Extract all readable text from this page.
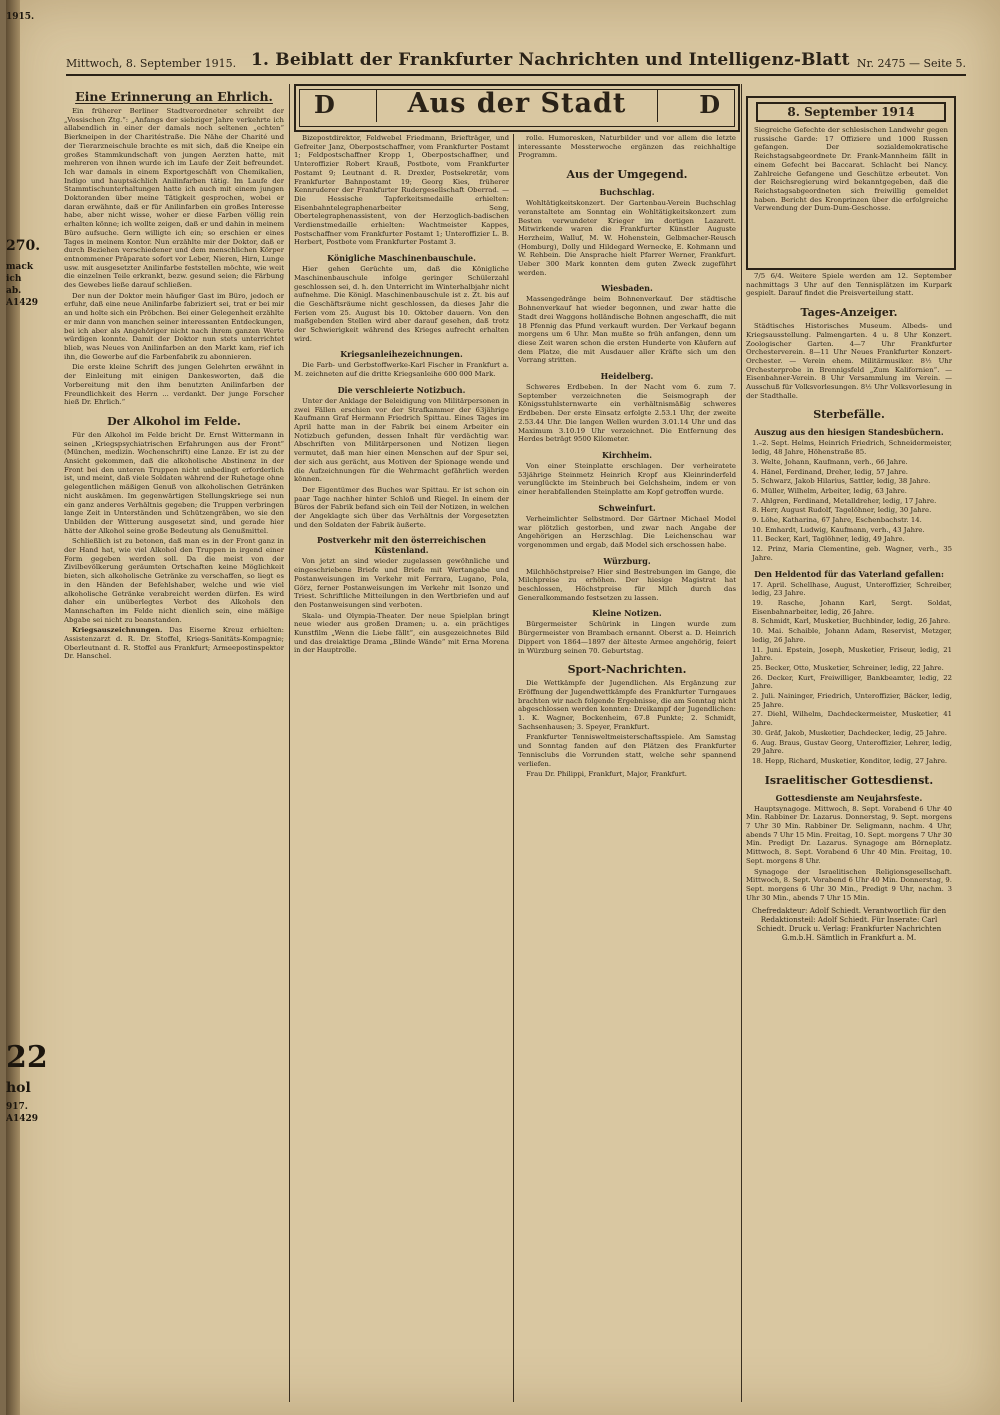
1915.
270.
mack
ich
ab.
A1429
22
hol
917.
A1429
Mittwoch, 8. September 1915. 1. Beiblatt der Frankfurter Nachrichten und Intelligenz-Blatt Nr. 2475 — Seite 5.
D	Aus der Stadt	D
Eine Erinnerung an Ehrlich.

Ein früherer Berliner Stadtverordneter schreibt der „Vossischen Ztg.“: „Anfangs der siebziger Jahre verkehrte ich allabendlich in einer der damals noch seltenen „echten“ Bierkneipen in der Charitéstraße. Die Nähe der Charité und der Tierarzneischule brachte es mit sich, daß die Kneipe ein großes Stammkundschaft von jungen Aerzten hatte, mit mehreren von ihnen wurde ich im Laufe der Zeit befreundet. Ich war damals in einem Exportgeschäft von Chemikalien, Indigo und hauptsächlich Anilinfarben tätig. Im Laufe der Stammtischunterhaltungen hatte ich auch mit einem jungen Doktoranden über meine Tätigkeit gesprochen, wobei er daran erwähnte, daß er für Anilinfarben ein großes Interesse habe, aber nicht wisse, woher er diese Farben völlig rein erhalten könne; ich wollte zeigen, daß er und dahin in meinem Büro aufsuche. Gern willigte ich ein; so erschien er eines Tages in meinem Kontor. Nun erzählte mir der Doktor, daß er durch Beziehen verschiedener und dem menschlichen Körper entnommener Präparate sofort vor Leber, Nieren, Hirn, Lunge usw. mit ausgesetzter Anilinfarbe feststellen möchte, wie weit die einzelnen Teile erkrankt, bezw. gesund seien; die Färbung des Gewebes ließe darauf schließen.

Der nun der Doktor mein häufiger Gast im Büro, jedoch er erfuhr, daß eine neue Anilinfarbe fabriziert sei, trat er bei mir an und holte sich ein Pröbchen. Bei einer Gelegenheit erzählte er mir dann von manchen seiner interessanten Entdeckungen, bei ich aber als Angehöriger nicht nach ihrem ganzen Werte würdigen konnte. Damit der Doktor nun stets unterrichtet blieb, was Neues von Anilinfarben an den Markt kam, rief ich ihn, die Gewerbe auf die Farbenfabrik zu abonnieren.

Die erste kleine Schrift des jungen Gelehrten erwähnt in der Einleitung mit einigen Dankesworten, daß die Vorbereitung mit den ihm benutzten Anilinfarben der Freundlichkeit des Herrn ... verdankt. Der junge Forscher hieß Dr. Ehrlich.“

Der Alkohol im Felde.

Für den Alkohol im Felde bricht Dr. Ernst Wittermann in seinen „Kriegspsychiatrischen Erfahrungen aus der Front“ (München, medizin. Wochenschrift) eine Lanze. Er ist zu der Ansicht gekommen, daß die alkoholische Abstinenz in der Front bei den unteren Truppen nicht unbedingt erforderlich ist, und meint, daß viele Soldaten während der Ruhetage ohne gelegentlichen mäßigen Genuß von alkoholischen Getränken nicht auskämen. Im gegenwärtigen Stellungskriege sei nun ein ganz anderes Verhältnis gegeben; die Truppen verbringen lange Zeit in Unterständen und Schützengräben, wo sie den Unbilden der Witterung ausgesetzt sind, und gerade hier hätte der Alkohol seine große Bedeutung als Genußmittel.

Schließlich ist zu betonen, daß man es in der Front ganz in der Hand hat, wie viel Alkohol den Truppen in irgend einer Form gegeben werden soll. Da die meist von der Zivilbevölkerung geräumten Ortschaften keine Möglichkeit bieten, sich alkoholische Getränke zu verschaffen, so liegt es in den Händen der Befehlshaber, welche und wie viel alkoholische Getränke verabreicht werden dürfen. Es wird daher ein unüberlegtes Verbot des Alkohols den Mannschaften im Felde nicht dienlich sein, eine mäßige Abgabe sei nicht zu beanstanden.

Kriegsauszeichnungen. Das Eiserne Kreuz erhielten: Assistenzarzt d. R. Dr. Stoffel, Kriegs-Sanitäts-Kompagnie; Oberleutnant d. R. Stoffel aus Frankfurt; Armeepostinspektor Dr. Hanschel.

Bizepostdirektor, Feldwebel Friedmann, Briefträger, und Gefreiter Janz, Oberpostschaffner, vom Frankfurter Postamt 1; Feldpostschaffner Kropp 1, Oberpostschaffner, und Unteroffizier Robert Krauß, Postbote, vom Frankfurter Postamt 9; Leutnant d. R. Drexler, Postsekretär, vom Frankfurter Bahnpostamt 19; Georg Kies, früherer Kennruderer der Frankfurter Rudergesellschaft Oberrad. — Die Hessische Tapferkeitsmedaille erhielten: Eisenbahntelegraphenarbeiter Seng, Obertelegraphenassistent, von der Herzoglich-badischen Verdienstmedaille erhielten: Wachtmeister Kappes, Postschaffner vom Frankfurter Postamt 1; Unteroffizier L. B. Herbert, Postbote vom Frankfurter Postamt 3.

Königliche Maschinenbauschule.

Hier gehen Gerüchte um, daß die Königliche Maschinenbauschule infolge geringer Schülerzahl geschlossen sei, d. h. den Unterricht im Winterhalbjahr nicht aufnehme. Die Königl. Maschinenbauschule ist z. Zt. bis auf die Geschäftsräume nicht geschlossen, da dieses Jahr die Ferien vom 25. August bis 10. Oktober dauern. Von den maßgebenden Stellen wird aber darauf gesehen, daß trotz der Schwierigkeit während des Krieges aufrecht erhalten wird.

Kriegsanleihezeichnungen.

Die Farb- und Gerbstoffwerke-Karl Fischer in Frankfurt a. M. zeichneten auf die dritte Kriegsanleihe 600 000 Mark.

Die verschleierte Notizbuch.

Unter der Anklage der Beleidigung von Militärpersonen in zwei Fällen erschien vor der Strafkammer der 63jährige Kaufmann Graf Hermann Friedrich Spittau. Eines Tages im April hatte man in der Fabrik bei einem Arbeiter ein Notizbuch gefunden, dessen Inhalt für verdächtig war. Abschriften von Militärpersonen und Notizen liegen vermutet, daß man hier einen Menschen auf der Spur sei, der sich aus gerächt, aus Motiven der Spionage wende und die Aufzeichnungen für die Wehrmacht gefährlich werden können.

Der Eigentümer des Buches war Spittau. Er ist schon ein paar Tage nachher hinter Schloß und Riegel. In einem der Büros der Fabrik befand sich ein Teil der Notizen, in welchen der Angeklagte sich über das Verhältnis der Vorgesetzten und den Soldaten der Fabrik äußerte.

Postverkehr mit den österreichischen Küstenland.

Von jetzt an sind wieder zugelassen gewöhnliche und eingeschriebene Briefe und Briefe mit Wertangabe und Postanweisungen im Verkehr mit Ferrara, Lugano, Pola, Görz, ferner Postanweisungen im Verkehr mit Isonzo und Triest. Schriftliche Mitteilungen in den Wertbriefen und auf den Postanweisungen sind verboten.

Skala- und Olympia-Theater. Der neue Spielplan bringt neue wieder aus großen Dramen; u. a. ein prächtiges Kunstfilm „Wenn die Liebe fällt“, ein ausgezeichnetes Bild und das dreiaktige Drama „Blinde Wände“ mit Erna Morena in der Hauptrolle.

rolle. Humoresken, Naturbilder und vor allem die letzte interessante Messterwoche ergänzen das reichhaltige Programm.

Aus der Umgegend.
Buchschlag.

Wohltätigkeitskonzert. Der Gartenbau-Verein Buchschlag veranstaltete am Sonntag ein Wohltätigkeitskonzert zum Besten verwundeter Krieger im dortigen Lazarett. Mitwirkende waren die Frankfurter Künstler Auguste Herzheim, Walluf, M. W. Hohenstein, Gelbmacher-Reusch (Homburg), Dolly und Hildegard Wernecke, E. Kohmann und W. Rehbein. Die Ansprache hielt Pfarrer Werner, Frankfurt. Ueber 300 Mark konnten dem guten Zweck zugeführt werden.

Wiesbaden.

Massengedränge beim Bohnenverkauf. Der städtische Bohnenverkauf hat wieder begonnen, und zwar hatte die Stadt drei Waggons holländische Bohnen angeschafft, die mit 18 Pfennig das Pfund verkauft wurden. Der Verkauf begann morgens um 6 Uhr. Man mußte so früh anfangen, denn um diese Zeit waren schon die ersten Hunderte von Käufern auf dem Platze, die mit Ausdauer aller Kräfte sich um den Vorrang stritten.

Heidelberg.

Schweres Erdbeben. In der Nacht vom 6. zum 7. September verzeichneten die Seismograph der Königsstuhlsternwarte ein verhältnismäßig schweres Erdbeben. Der erste Einsatz erfolgte 2.53.1 Uhr, der zweite 2.53.44 Uhr. Die langen Wellen wurden 3.01.14 Uhr und das Maximum 3.10.19 Uhr verzeichnet. Die Entfernung des Herdes beträgt 9500 Kilometer.

Kirchheim.

Von einer Steinplatte erschlagen. Der verheiratete 53jährige Steinmetz Heinrich Kropf aus Kleinrinderfeld verunglückte im Steinbruch bei Gelchsheim, indem er von einer herabfallenden Steinplatte am Kopf getroffen wurde.

Schweinfurt.

Verheimlichter Selbstmord. Der Gärtner Michael Model war plötzlich gestorben, und zwar nach Angabe der Angehörigen an Herzschlag. Die Leichenschau war vorgenommen und ergab, daß Model sich erschossen habe.

Würzburg.

Milchhöchstpreise? Hier sind Bestrebungen im Gange, die Milchpreise zu erhöhen. Der hiesige Magistrat hat beschlossen, Höchstpreise für Milch durch das Generalkommando festsetzen zu lassen.

Kleine Notizen.

Bürgermeister Schürink in Lingen wurde zum Bürgermeister von Brambach ernannt. Oberst a. D. Heinrich Dippert von 1864—1897 der älteste Armee angehörig, feiert in Würzburg seinen 70. Geburtstag.

Sport-Nachrichten.

Die Wettkämpfe der Jugendlichen. Als Ergänzung zur Eröffnung der Jugendwettkämpfe des Frankfurter Turngaues brachten wir nach folgende Ergebnisse, die am Sonntag nicht abgeschlossen werden konnten: Dreikampf der Jugendlichen: 1. K. Wagner, Bockenheim, 67.8 Punkte; 2. Schmidt, Sachsenhausen; 3. Speyer, Frankfurt.

Frankfurter Tennisweltmeisterschaftsspiele. Am Samstag und Sonntag fanden auf den Plätzen des Frankfurter Tennisclubs die Vorrunden statt, welche sehr spannend verliefen.

Frau Dr. Philippi, Frankfurt, Major, Frankfurt.

8. September 1914
Siegreiche Gefechte der schlesischen Landwehr gegen russische Garde: 17 Offiziere und 1000 Russen gefangen. Der sozialdemokratische Reichstagsabgeordnete Dr. Frank-Mannheim fällt in einem Gefecht bei Baccarat. Schlacht bei Nancy. Zahlreiche Gefangene und Geschütze erbeutet. Von der Reichsregierung wird bekanntgegeben, daß die Reichstagsabgeordneten sich freiwillig gemeldet haben. Bericht des Kronprinzen über die erfolgreiche Verwendung der Dum-Dum-Geschosse.

7/5 6/4. Weitere Spiele werden am 12. September nachmittags 3 Uhr auf den Tennisplätzen im Kurpark gespielt. Darauf findet die Preisverteilung statt.

Tages-Anzeiger.

Städtisches Historisches Museum. Albeds- und Kriegsausstellung. Palmengarten. 4 u. 8 Uhr Konzert. Zoologischer Garten. 4—7 Uhr Frankfurter Orchesterverein. 8—11 Uhr Neues Frankfurter Konzert-Orchester. — Verein ehem. Militärmusiker. 8½ Uhr Orchesterprobe in Brennigsfeld „Zum Kalifornien“. — Eisenbahner-Verein. 8 Uhr Versammlung im Verein. — Ausschuß für Volksvorlesungen. 8½ Uhr Volksvorlesung in der Stadthalle.

Sterbefälle.
Auszug aus den hiesigen Standesbüchern.

1.–2. Sept. Helms, Heinrich Friedrich, Schneidermeister, ledig, 48 Jahre, Höhenstraße 85.

3. Welte, Johann, Kaufmann, verh., 66 Jahre.

4. Hänel, Ferdinand, Dreher, ledig, 57 Jahre.

5. Schwarz, Jakob Hilarius, Sattler, ledig, 38 Jahre.

6. Müller, Wilhelm, Arbeiter, ledig, 63 Jahre.

7. Ahlgren, Ferdinand, Metalldreher, ledig, 17 Jahre.

8. Herr, August Rudolf, Tagelöhner, ledig, 30 Jahre.

9. Löhe, Katharina, 67 Jahre, Eschenbachstr. 14.

10. Emhardt, Ludwig, Kaufmann, verh., 43 Jahre.

11. Becker, Karl, Taglöhner, ledig, 49 Jahre.

12. Prinz, Maria Clementine, geb. Wagner, verh., 35 Jahre.

Den Heldentod für das Vaterland gefallen:

17. April. Schellhase, August, Unteroffizier, Schreiber, ledig, 23 Jahre.

19. Rasche, Johann Karl, Sergt. Soldat, Eisenbahnarbeiter, ledig, 26 Jahre.

8. Schmidt, Karl, Musketier, Buchbinder, ledig, 26 Jahre.

10. Mai. Schaible, Johann Adam, Reservist, Metzger, ledig, 26 Jahre.

11. Juni. Epstein, Joseph, Musketier, Friseur, ledig, 21 Jahre.

25. Becker, Otto, Musketier, Schreiner, ledig, 22 Jahre.

26. Decker, Kurt, Freiwilliger, Bankbeamter, ledig, 22 Jahre.

2. Juli. Naininger, Friedrich, Unteroffizier, Bäcker, ledig, 25 Jahre.

27. Diehl, Wilhelm, Dachdeckermeister, Musketier, 41 Jahre.

30. Gräf, Jakob, Musketier, Dachdecker, ledig, 25 Jahre.

6. Aug. Braus, Gustav Georg, Unteroffizier, Lehrer, ledig, 29 Jahre.

18. Hepp, Richard, Musketier, Konditor, ledig, 27 Jahre.

Israelitischer Gottesdienst.
Gottesdienste am Neujahrsfeste.

Hauptsynagoge. Mittwoch, 8. Sept. Vorabend 6 Uhr 40 Min. Rabbiner Dr. Lazarus. Donnerstag, 9. Sept. morgens 7 Uhr 30 Min. Rabbiner Dr. Seligmann, nachm. 4 Uhr, abends 7 Uhr 15 Min. Freitag, 10. Sept. morgens 7 Uhr 30 Min. Predigt Dr. Lazarus. Synagoge am Börneplatz. Mittwoch, 8. Sept. Vorabend 6 Uhr 40 Min. Freitag, 10. Sept. morgens 8 Uhr.

Synagoge der Israelitischen Religionsgesellschaft. Mittwoch, 8. Sept. Vorabend 6 Uhr 40 Min. Donnerstag, 9. Sept. morgens 6 Uhr 30 Min., Predigt 9 Uhr, nachm. 3 Uhr 30 Min., abends 7 Uhr 15 Min.

Chefredakteur: Adolf Schiedt. Verantwortlich für den Redaktionsteil: Adolf Schiedt. Für Inserate: Carl Schiedt. Druck u. Verlag: Frankfurter Nachrichten G.m.b.H. Sämtlich in Frankfurt a. M.
